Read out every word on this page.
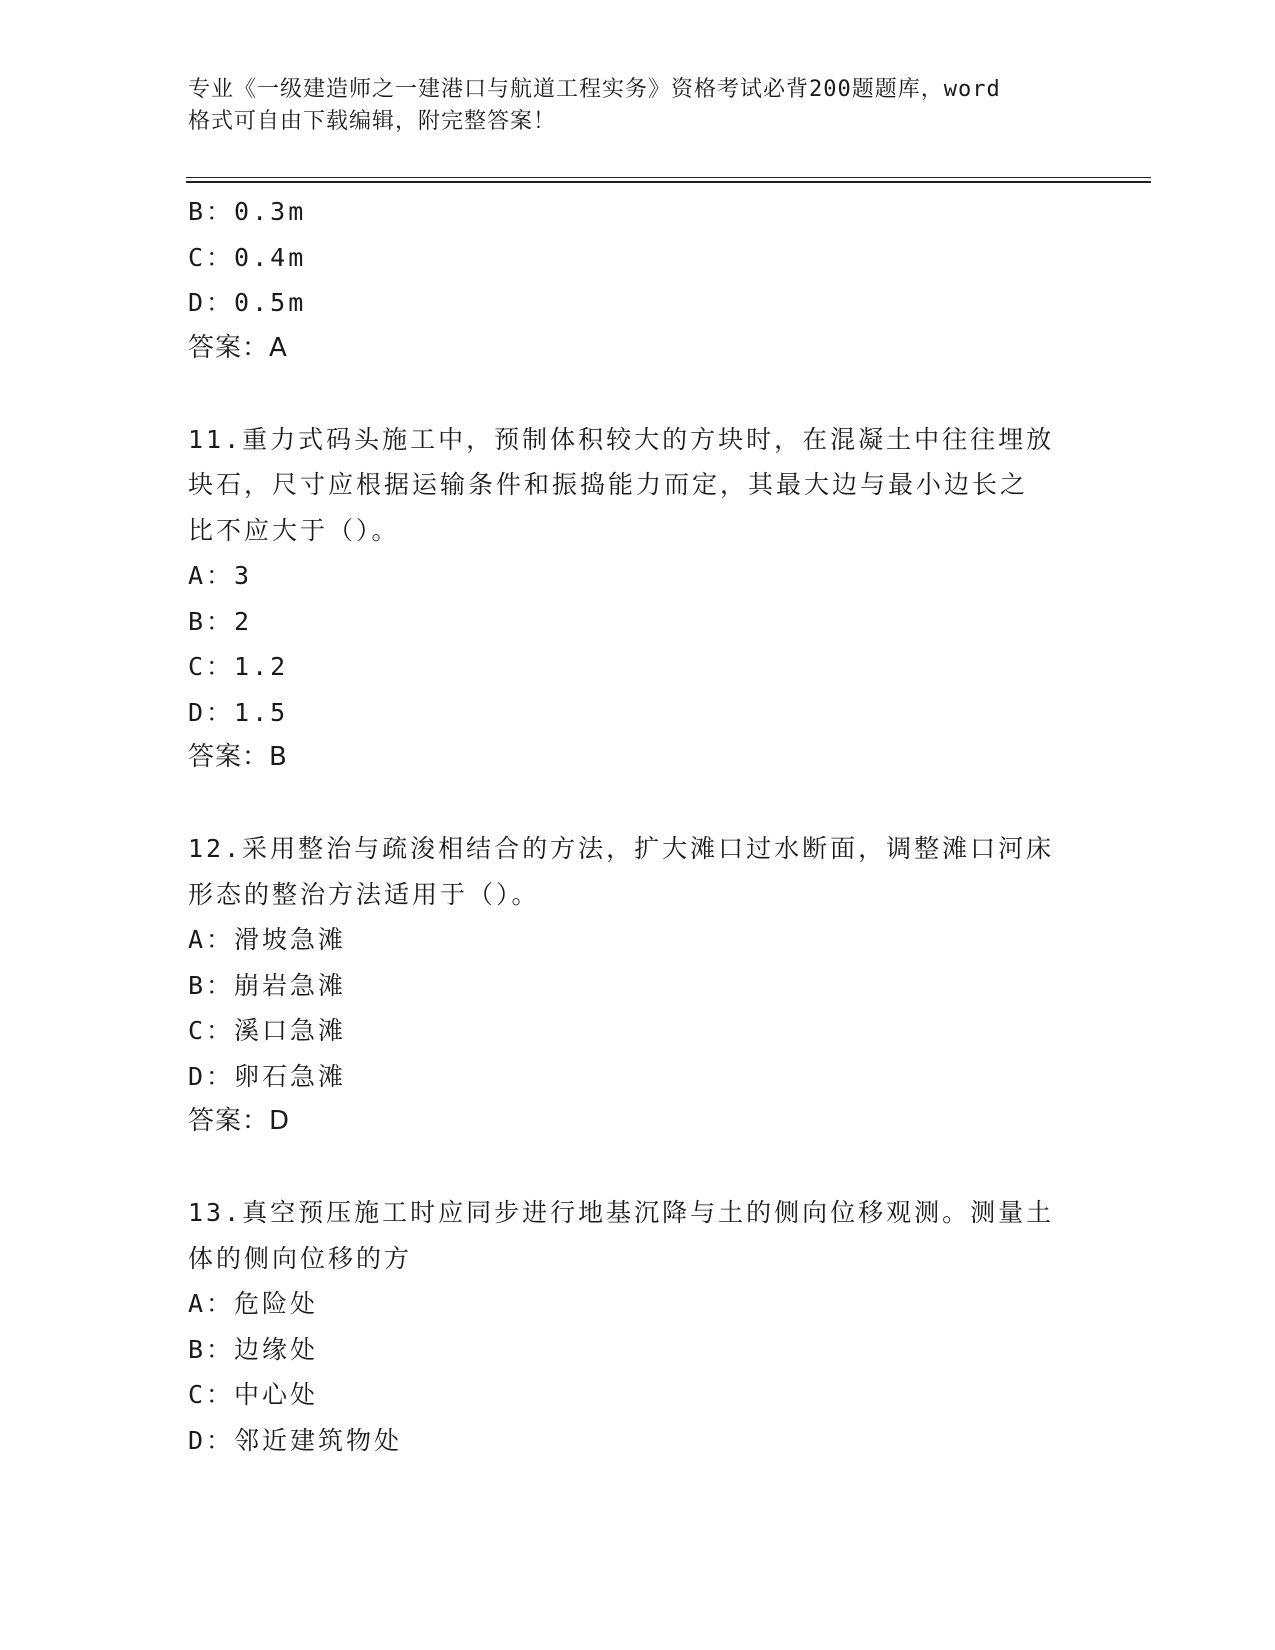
专业《一级建造师之一建港口与航道工程实务》资格考试必背200题题库，word
格式可自由下载编辑，附完整答案！
B：0.3m
C：0.4m
D：0.5m
答案：A
11.重力式码头施工中，预制体积较大的方块时，在混凝土中往往埋放
块石，尺寸应根据运输条件和振捣能力而定，其最大边与最小边长之
比不应大于（）。
A：3
B：2
C：1.2
D：1.5
答案：B
12.采用整治与疏浚相结合的方法，扩大滩口过水断面，调整滩口河床
形态的整治方法适用于（）。
A：滑坡急滩
B：崩岩急滩
C：溪口急滩
D：卵石急滩
答案：D
13.真空预压施工时应同步进行地基沉降与土的侧向位移观测。测量土
体的侧向位移的方
A：危险处
B：边缘处
C：中心处
D：邻近建筑物处
